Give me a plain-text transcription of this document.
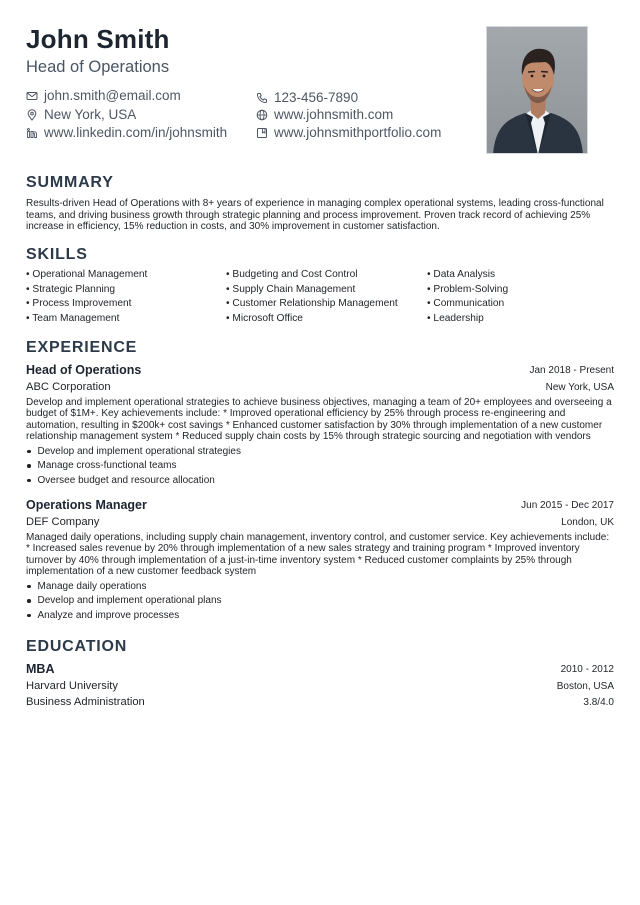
John Smith
Head of Operations
john.smith@email.com
New York, USA
www.linkedin.com/in/johnsmith
123-456-7890
www.johnsmith.com
www.johnsmithportfolio.com
SUMMARY
Results-driven Head of Operations with 8+ years of experience in managing complex operational systems, leading cross-functional teams, and driving business growth through strategic planning and process improvement. Proven track record of achieving 25% increase in efficiency, 15% reduction in costs, and 30% improvement in customer satisfaction.
SKILLS
• Operational Management
• Strategic Planning
• Process Improvement
• Team Management
• Budgeting and Cost Control
• Supply Chain Management
• Customer Relationship Management
• Microsoft Office
• Data Analysis
• Problem-Solving
• Communication
• Leadership
EXPERIENCE
Head of Operations	Jan 2018 - Present
ABC Corporation	New York, USA
Develop and implement operational strategies to achieve business objectives, managing a team of 20+ employees and overseeing a budget of $1M+. Key achievements include: * Improved operational efficiency by 25% through process re-engineering and automation, resulting in $200k+ cost savings * Enhanced customer satisfaction by 30% through implementation of a new customer relationship management system * Reduced supply chain costs by 15% through strategic sourcing and negotiation with vendors
Develop and implement operational strategies
Manage cross-functional teams
Oversee budget and resource allocation
Operations Manager	Jun 2015 - Dec 2017
DEF Company	London, UK
Managed daily operations, including supply chain management, inventory control, and customer service. Key achievements include: * Increased sales revenue by 20% through implementation of a new sales strategy and training program * Improved inventory turnover by 40% through implementation of a just-in-time inventory system * Reduced customer complaints by 25% through implementation of a new customer feedback system
Manage daily operations
Develop and implement operational plans
Analyze and improve processes
EDUCATION
MBA	2010 - 2012
Harvard University	Boston, USA
Business Administration	3.8/4.0
